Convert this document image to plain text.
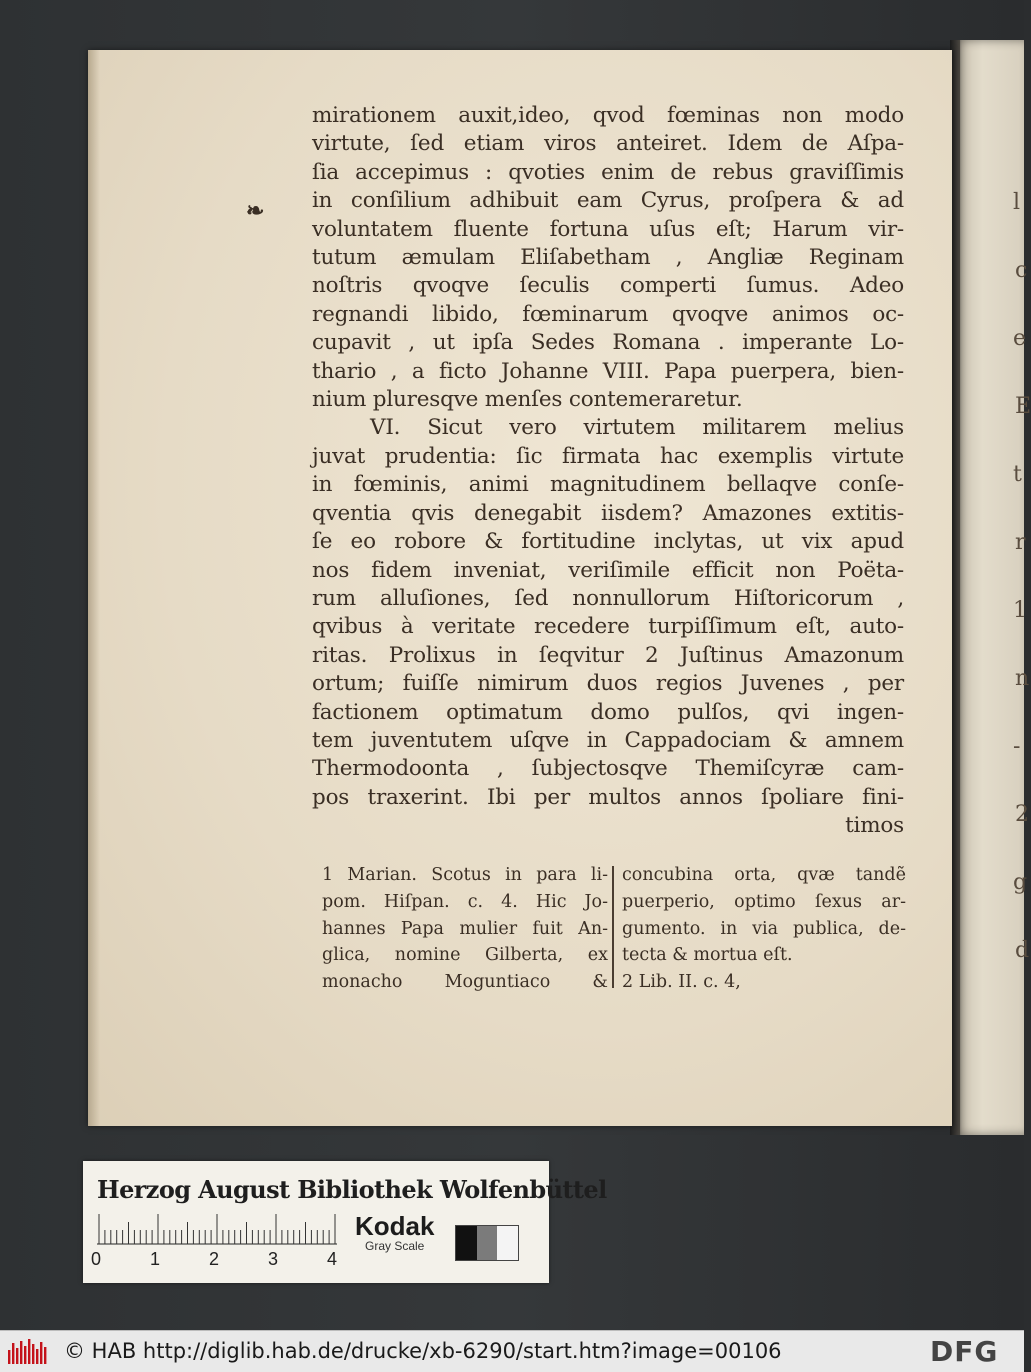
l
c
e
E
t
r
1
n
-
2
g
d
❧
mirationem auxit,ideo, qvod fœminas non modo
virtute, ſed etiam viros anteiret. Idem de Aſpa-
ſia accepimus : qvoties enim de rebus graviſſimis
in conſilium adhibuit eam Cyrus, proſpera & ad
voluntatem fluente fortuna uſus eſt; Harum vir-
tutum æmulam Eliſabetham , Angliæ Reginam
noſtris qvoqve ſeculis comperti ſumus. Adeo
regnandi libido, fœminarum qvoqve animos oc-
cupavit , ut ipſa Sedes Romana . imperante Lo-
thario , a ficto Johanne VIII. Papa puerpera, bien-
nium pluresqve menſes contemeraretur.
VI. Sicut vero virtutem militarem melius
juvat prudentia: ſic firmata hac exemplis virtute
in fœminis, animi magnitudinem bellaqve conſe-
qventia qvis denegabit iisdem? Amazones extitis-
ſe eo robore & fortitudine inclytas, ut vix apud
nos fidem inveniat, veriſimile efficit non Poëta-
rum alluſiones, ſed nonnullorum Hiſtoricorum ,
qvibus à veritate recedere turpiſſimum eſt, auto-
ritas. Prolixus in ſeqvitur 2 Juſtinus Amazonum
ortum; fuiſſe nimirum duos regios Juvenes , per
factionem optimatum domo pulſos, qvi ingen-
tem juventutem uſqve in Cappadociam & amnem
Thermodoonta , ſubjectosqve Themiſcyræ cam-
pos traxerint. Ibi per multos annos ſpoliare fini-
timos
1 Marian. Scotus in para li-
pom. Hiſpan. c. 4. Hic Jo-
hannes Papa mulier fuit An-
glica, nomine Gilberta, ex
monacho Moguntiaco &
concubina orta, qvæ tandẽ
puerperio, optimo ſexus ar-
gumento. in via publica, de-
tecta & mortua eſt.
2 Lib. II. c. 4,
Herzog August Bibliothek Wolfenbüttel
0	1	2	3	4
Kodak
Gray Scale
© HAB http://diglib.hab.de/drucke/xb-6290/start.htm?image=00106	DFG
